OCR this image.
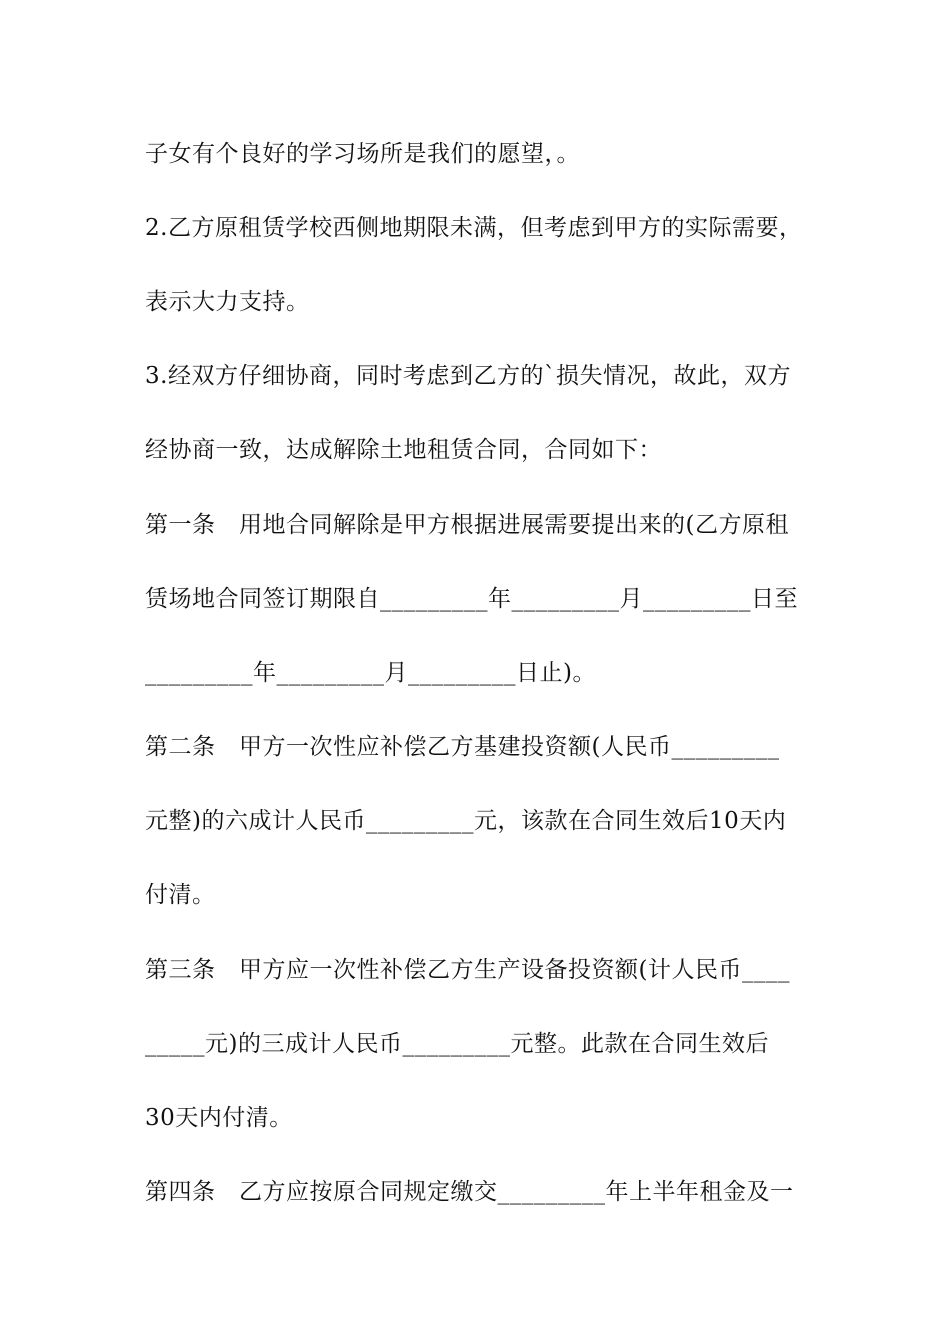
子女有个良好的学习场所是我们的愿望，。
2.乙方原租赁学校西侧地期限未满，但考虑到甲方的实际需要，
表示大力支持。
3.经双方仔细协商，同时考虑到乙方的`损失情况，故此，双方
经协商一致，达成解除土地租赁合同，合同如下：
第一条　用地合同解除是甲方根据进展需要提出来的(乙方原租
赁场地合同签订期限自_________年_________月_________日至
_________年_________月_________日止)。
第二条　甲方一次性应补偿乙方基建投资额(人民币_________
元整)的六成计人民币_________元，该款在合同生效后10天内
付清。
第三条　甲方应一次性补偿乙方生产设备投资额(计人民币____
_____元)的三成计人民币_________元整。此款在合同生效后
30天内付清。
第四条　乙方应按原合同规定缴交_________年上半年租金及一
